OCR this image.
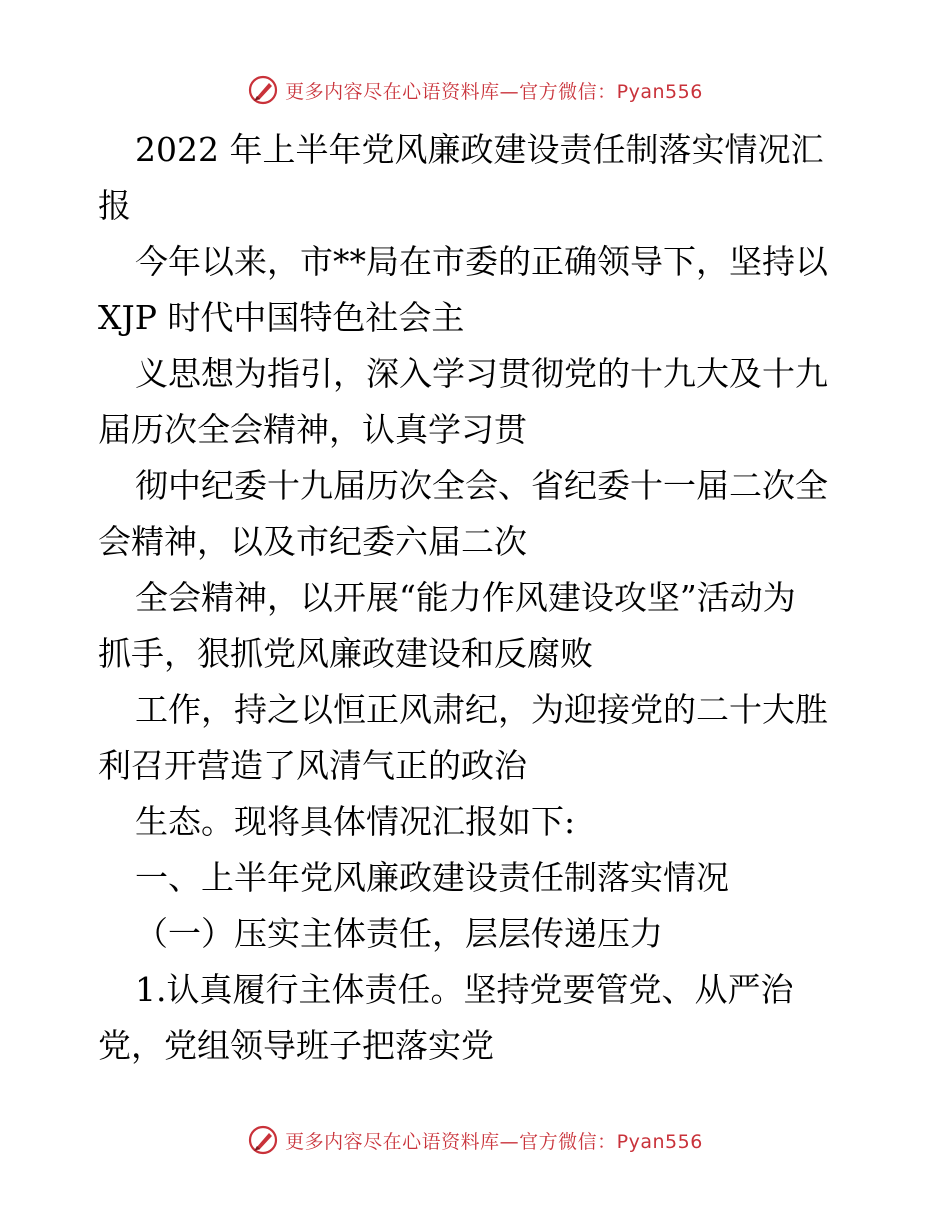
更多内容尽在心语资料库—官方微信：Pyan556

2022 年上半年党风廉政建设责任制落实情况汇

报

今年以来，市**局在市委的正确领导下，坚持以

XJP 时代中国特色社会主

义思想为指引，深入学习贯彻党的十九大及十九

届历次全会精神，认真学习贯

彻中纪委十九届历次全会、省纪委十一届二次全

会精神，以及市纪委六届二次

全会精神，以开展“能力作风建设攻坚”活动为

抓手，狠抓党风廉政建设和反腐败

工作，持之以恒正风肃纪，为迎接党的二十大胜

利召开营造了风清气正的政治

生态。现将具体情况汇报如下:

一、上半年党风廉政建设责任制落实情况

（一）压实主体责任，层层传递压力

1.认真履行主体责任。坚持党要管党、从严治

党，党组领导班子把落实党

更多内容尽在心语资料库—官方微信：Pyan556
